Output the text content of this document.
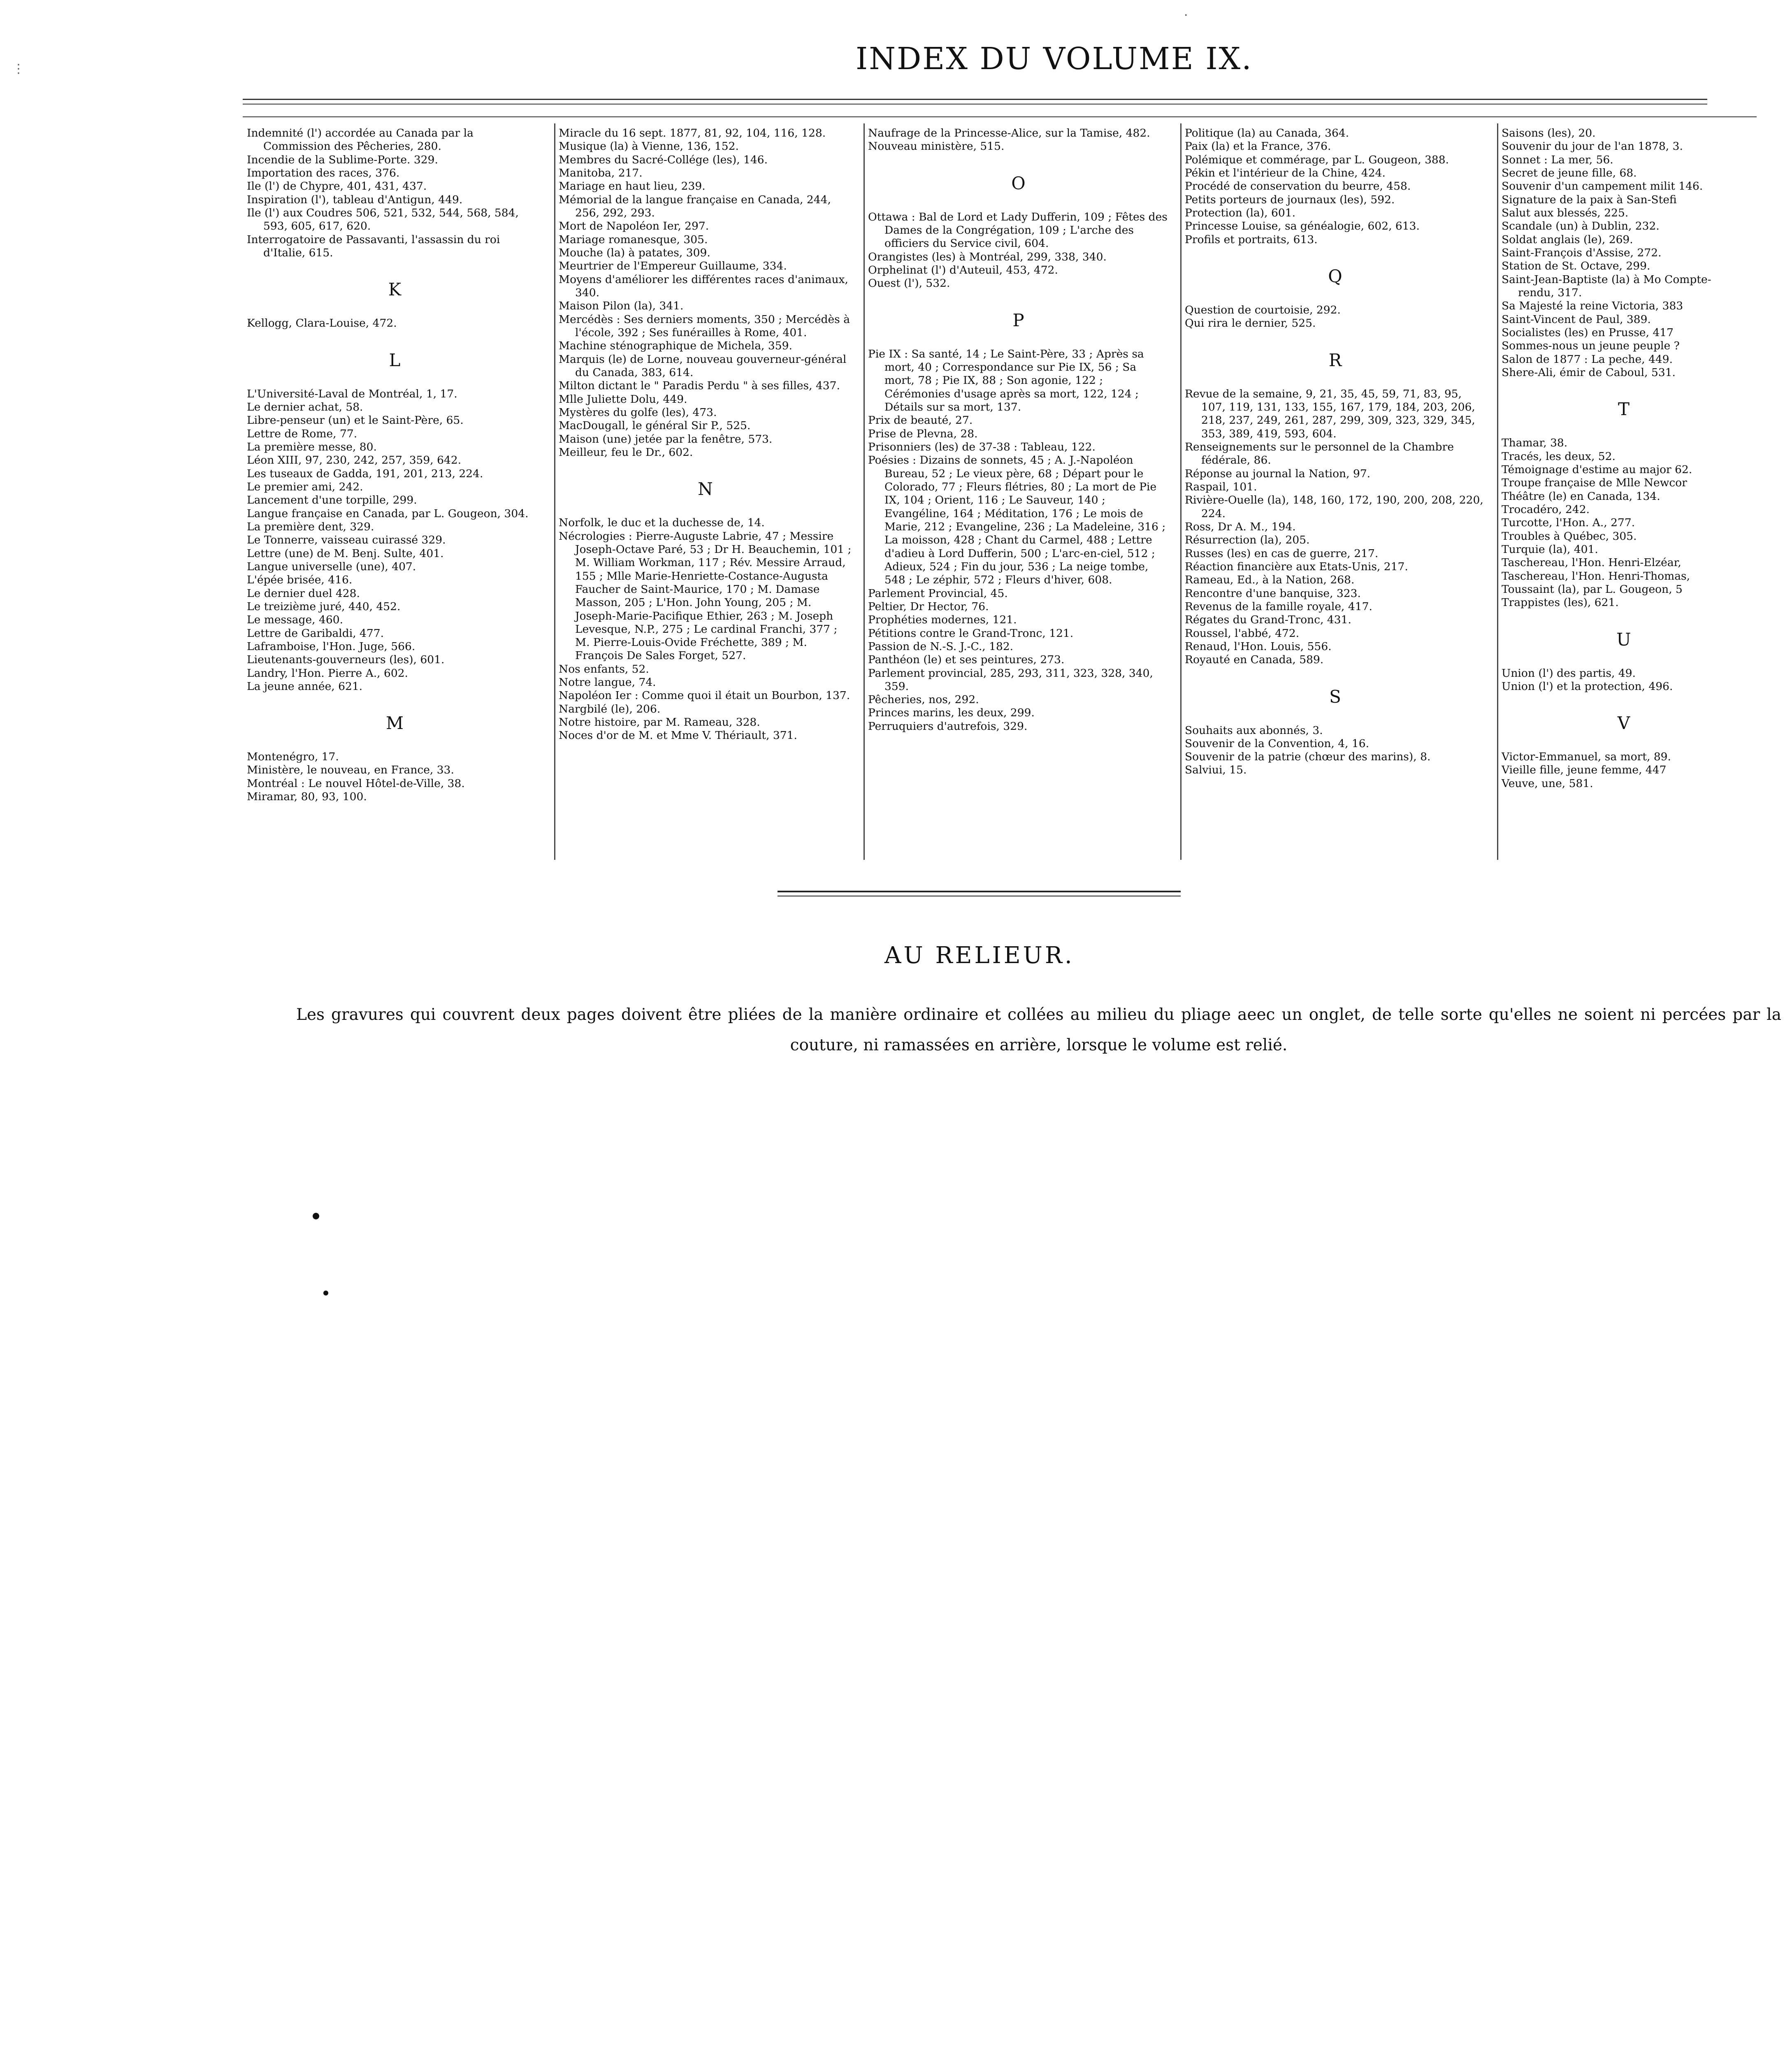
⋮
·
INDEX DU VOLUME IX.
Indemnité (l') accordée au Canada par la Commission des Pêcheries, 280.
Incendie de la Sublime-Porte. 329.
Importation des races, 376.
Ile (l') de Chypre, 401, 431, 437.
Inspiration (l'), tableau d'Antigun, 449.
Ile (l') aux Coudres 506, 521, 532, 544, 568, 584, 593, 605, 617, 620.
Interrogatoire de Passavanti, l'assassin du roi d'Italie, 615.
K
Kellogg, Clara-Louise, 472.
L
L'Université-Laval de Montréal, 1, 17.
Le dernier achat, 58.
Libre-penseur (un) et le Saint-Père, 65.
Lettre de Rome, 77.
La première messe, 80.
Léon XIII, 97, 230, 242, 257, 359, 642.
Les tuseaux de Gadda, 191, 201, 213, 224.
Le premier ami, 242.
Lancement d'une torpille, 299.
Langue française en Canada, par L. Gougeon, 304.
La première dent, 329.
Le Tonnerre, vaisseau cuirassé 329.
Lettre (une) de M. Benj. Sulte, 401.
Langue universelle (une), 407.
L'épée brisée, 416.
Le dernier duel 428.
Le treizième juré, 440, 452.
Le message, 460.
Lettre de Garibaldi, 477.
Laframboise, l'Hon. Juge, 566.
Lieutenants-gouverneurs (les), 601.
Landry, l'Hon. Pierre A., 602.
La jeune année, 621.
M
Montenégro, 17.
Ministère, le nouveau, en France, 33.
Montréal : Le nouvel Hôtel-de-Ville, 38.
Miramar, 80, 93, 100.
Miracle du 16 sept. 1877, 81, 92, 104, 116, 128.
Musique (la) à Vienne, 136, 152.
Membres du Sacré-Collége (les), 146.
Manitoba, 217.
Mariage en haut lieu, 239.
Mémorial de la langue française en Canada, 244, 256, 292, 293.
Mort de Napoléon Ier, 297.
Mariage romanesque, 305.
Mouche (la) à patates, 309.
Meurtrier de l'Empereur Guillaume, 334.
Moyens d'améliorer les différentes races d'animaux, 340.
Maison Pilon (la), 341.
Mercédès : Ses derniers moments, 350 ; Mercédès à l'école, 392 ; Ses funérailles à Rome, 401.
Machine sténographique de Michela, 359.
Marquis (le) de Lorne, nouveau gouverneur-général du Canada, 383, 614.
Milton dictant le " Paradis Perdu " à ses filles, 437.
Mlle Juliette Dolu, 449.
Mystères du golfe (les), 473.
MacDougall, le général Sir P., 525.
Maison (une) jetée par la fenêtre, 573.
Meilleur, feu le Dr., 602.
N
Norfolk, le duc et la duchesse de, 14.
Nécrologies : Pierre-Auguste Labrie, 47 ; Messire Joseph-Octave Paré, 53 ; Dr H. Beauchemin, 101 ; M. William Workman, 117 ; Rév. Messire Arraud, 155 ; Mlle Marie-Henriette-Costance-Augusta Faucher de Saint-Maurice, 170 ; M. Damase Masson, 205 ; L'Hon. John Young, 205 ; M. Joseph-Marie-Pacifique Ethier, 263 ; M. Joseph Levesque, N.P., 275 ; Le cardinal Franchi, 377 ; M. Pierre-Louis-Ovide Fréchette, 389 ; M. François De Sales Forget, 527.
Nos enfants, 52.
Notre langue, 74.
Napoléon Ier : Comme quoi il était un Bourbon, 137.
Nargbilé (le), 206.
Notre histoire, par M. Rameau, 328.
Noces d'or de M. et Mme V. Thériault, 371.
Naufrage de la Princesse-Alice, sur la Tamise, 482.
Nouveau ministère, 515.
O
Ottawa : Bal de Lord et Lady Dufferin, 109 ; Fêtes des Dames de la Congrégation, 109 ; L'arche des officiers du Service civil, 604.
Orangistes (les) à Montréal, 299, 338, 340.
Orphelinat (l') d'Auteuil, 453, 472.
Ouest (l'), 532.
P
Pie IX : Sa santé, 14 ; Le Saint-Père, 33 ; Après sa mort, 40 ; Correspondance sur Pie IX, 56 ; Sa mort, 78 ; Pie IX, 88 ; Son agonie, 122 ; Cérémonies d'usage après sa mort, 122, 124 ; Détails sur sa mort, 137.
Prix de beauté, 27.
Prise de Plevna, 28.
Prisonniers (les) de 37-38 : Tableau, 122.
Poésies : Dizains de sonnets, 45 ; A. J.-Napoléon Bureau, 52 ; Le vieux père, 68 ; Départ pour le Colorado, 77 ; Fleurs flétries, 80 ; La mort de Pie IX, 104 ; Orient, 116 ; Le Sauveur, 140 ; Evangéline, 164 ; Méditation, 176 ; Le mois de Marie, 212 ; Evangeline, 236 ; La Madeleine, 316 ; La moisson, 428 ; Chant du Carmel, 488 ; Lettre d'adieu à Lord Dufferin, 500 ; L'arc-en-ciel, 512 ; Adieux, 524 ; Fin du jour, 536 ; La neige tombe, 548 ; Le zéphir, 572 ; Fleurs d'hiver, 608.
Parlement Provincial, 45.
Peltier, Dr Hector, 76.
Prophéties modernes, 121.
Pétitions contre le Grand-Tronc, 121.
Passion de N.-S. J.-C., 182.
Panthéon (le) et ses peintures, 273.
Parlement provincial, 285, 293, 311, 323, 328, 340, 359.
Pêcheries, nos, 292.
Princes marins, les deux, 299.
Perruquiers d'autrefois, 329.
Politique (la) au Canada, 364.
Paix (la) et la France, 376.
Polémique et commérage, par L. Gougeon, 388.
Pékin et l'intérieur de la Chine, 424.
Procédé de conservation du beurre, 458.
Petits porteurs de journaux (les), 592.
Protection (la), 601.
Princesse Louise, sa généalogie, 602, 613.
Profils et portraits, 613.
Q
Question de courtoisie, 292.
Qui rira le dernier, 525.
R
Revue de la semaine, 9, 21, 35, 45, 59, 71, 83, 95, 107, 119, 131, 133, 155, 167, 179, 184, 203, 206, 218, 237, 249, 261, 287, 299, 309, 323, 329, 345, 353, 389, 419, 593, 604.
Renseignements sur le personnel de la Chambre fédérale, 86.
Réponse au journal la Nation, 97.
Raspail, 101.
Rivière-Ouelle (la), 148, 160, 172, 190, 200, 208, 220, 224.
Ross, Dr A. M., 194.
Résurrection (la), 205.
Russes (les) en cas de guerre, 217.
Réaction financière aux Etats-Unis, 217.
Rameau, Ed., à la Nation, 268.
Rencontre d'une banquise, 323.
Revenus de la famille royale, 417.
Régates du Grand-Tronc, 431.
Roussel, l'abbé, 472.
Renaud, l'Hon. Louis, 556.
Royauté en Canada, 589.
S
Souhaits aux abonnés, 3.
Souvenir de la Convention, 4, 16.
Souvenir de la patrie (chœur des marins), 8.
Salviui, 15.
Saisons (les), 20.
Souvenir du jour de l'an 1878, 3.
Sonnet : La mer, 56.
Secret de jeune fille, 68.
Souvenir d'un campement milit 146.
Signature de la paix à San-Stefi
Salut aux blessés, 225.
Scandale (un) à Dublin, 232.
Soldat anglais (le), 269.
Saint-François d'Assise, 272.
Station de St. Octave, 299.
Saint-Jean-Baptiste (la) à Mo Compte-rendu, 317.
Sa Majesté la reine Victoria, 383
Saint-Vincent de Paul, 389.
Socialistes (les) en Prusse, 417
Sommes-nous un jeune peuple ?
Salon de 1877 : La peche, 449.
Shere-Ali, émir de Caboul, 531.
T
Thamar, 38.
Tracés, les deux, 52.
Témoignage d'estime au major 62.
Troupe française de Mlle Newcor
Théâtre (le) en Canada, 134.
Trocadéro, 242.
Turcotte, l'Hon. A., 277.
Troubles à Québec, 305.
Turquie (la), 401.
Taschereau, l'Hon. Henri-Elzéar,
Taschereau, l'Hon. Henri-Thomas,
Toussaint (la), par L. Gougeon, 5
Trappistes (les), 621.
U
Union (l') des partis, 49.
Union (l') et la protection, 496.
V
Victor-Emmanuel, sa mort, 89.
Vieille fille, jeune femme, 447
Veuve, une, 581.
AU RELIEUR.
Les gravures qui couvrent deux pages doivent être pliées de la manière ordinaire et collées au milieu du pliage aeec un onglet, de telle sorte qu'elles ne soient ni percées par la couture, ni ramassées en arrière, lorsque le volume est relié.
